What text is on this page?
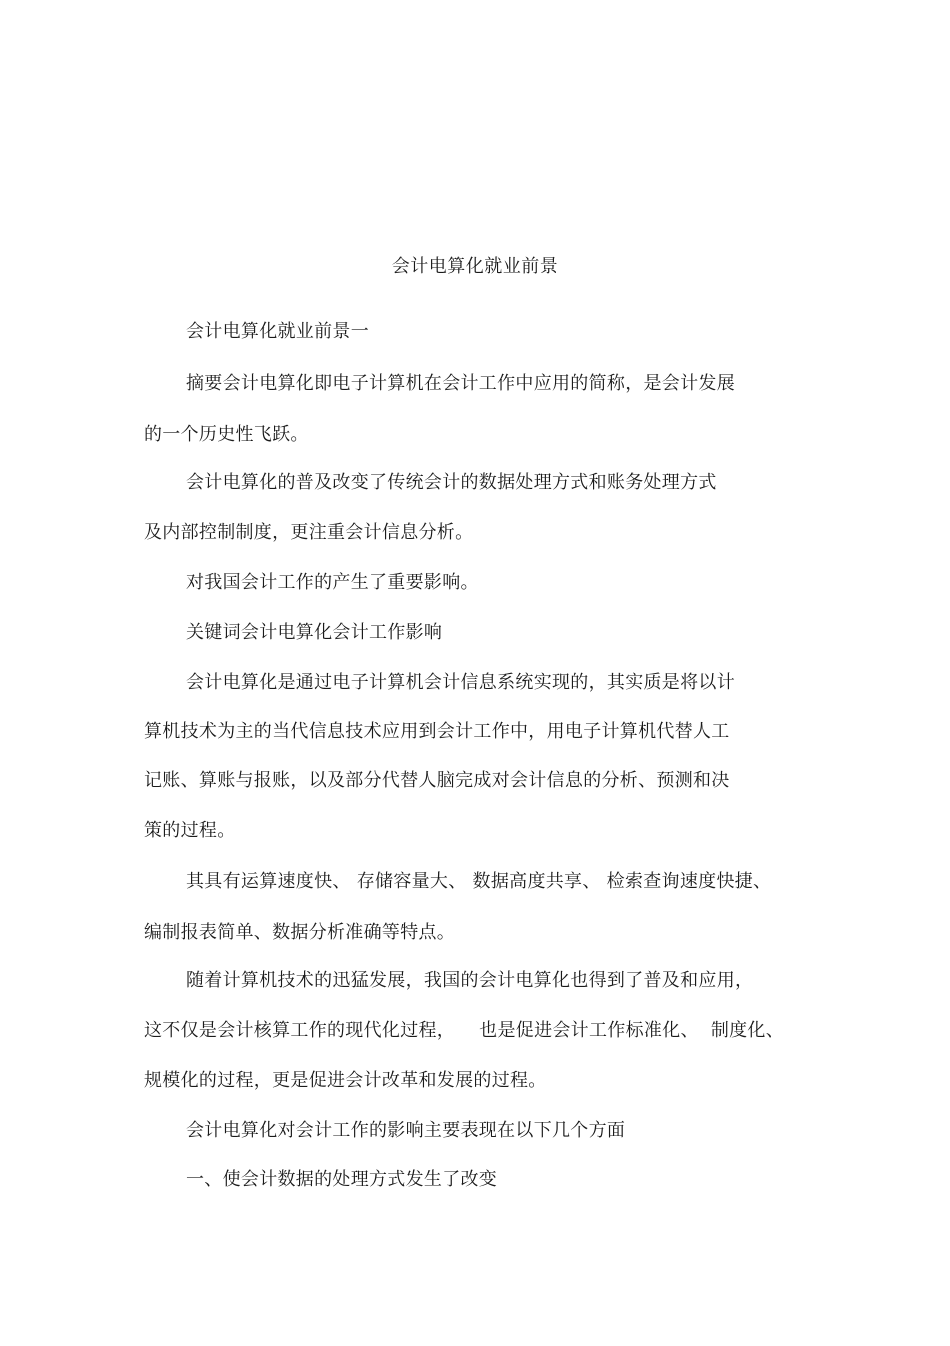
会计电算化就业前景
会计电算化就业前景一
摘要会计电算化即电子计算机在会计工作中应用的简称，是会计发展
的一个历史性飞跃。
会计电算化的普及改变了传统会计的数据处理方式和账务处理方式
及内部控制制度，更注重会计信息分析。
对我国会计工作的产生了重要影响。
关键词会计电算化会计工作影响
会计电算化是通过电子计算机会计信息系统实现的，其实质是将以计
算机技术为主的当代信息技术应用到会计工作中，用电子计算机代替人工
记账、算账与报账，以及部分代替人脑完成对会计信息的分析、预测和决
策的过程。
其具有运算速度快、 存储容量大、 数据高度共享、 检索查询速度快捷、
编制报表简单、数据分析准确等特点。
随着计算机技术的迅猛发展，我国的会计电算化也得到了普及和应用，
这不仅是会计核算工作的现代化过程，    也是促进会计工作标准化、  制度化、
规模化的过程，更是促进会计改革和发展的过程。
会计电算化对会计工作的影响主要表现在以下几个方面
一、使会计数据的处理方式发生了改变
